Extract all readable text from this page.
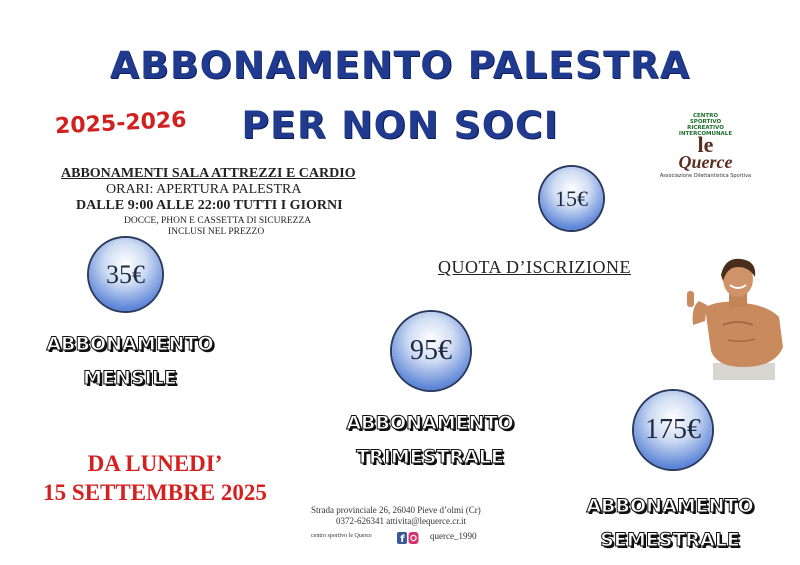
ABBONAMENTO PALESTRA
PER NON SOCI
2025-2026
ABBONAMENTI SALA ATTREZZI E CARDIO
ORARI: APERTURA PALESTRA
DALLE 9:00 ALLE 22:00 TUTTI I GIORNI
DOCCE, PHON E CASSETTA DI SICUREZZA
INCLUSI NEL PREZZO
15€
QUOTA D’ISCRIZIONE
35€
ABBONAMENTO
MENSILE
95€
ABBONAMENTO
TRIMESTRALE
175€
ABBONAMENTO
SEMESTRALE
DA LUNEDI’
15 SETTEMBRE 2025
Strada provinciale 26, 26040 Pieve d’olmi (Cr)
0372-626341 attivita@lequerce.cr.it
centro sportivo le Querce	f	querce_1990
CENTRO
SPORTIVO
RICREATIVO
INTERCOMUNALE
le
Querce
Associazione Dilettantistica Sportiva
